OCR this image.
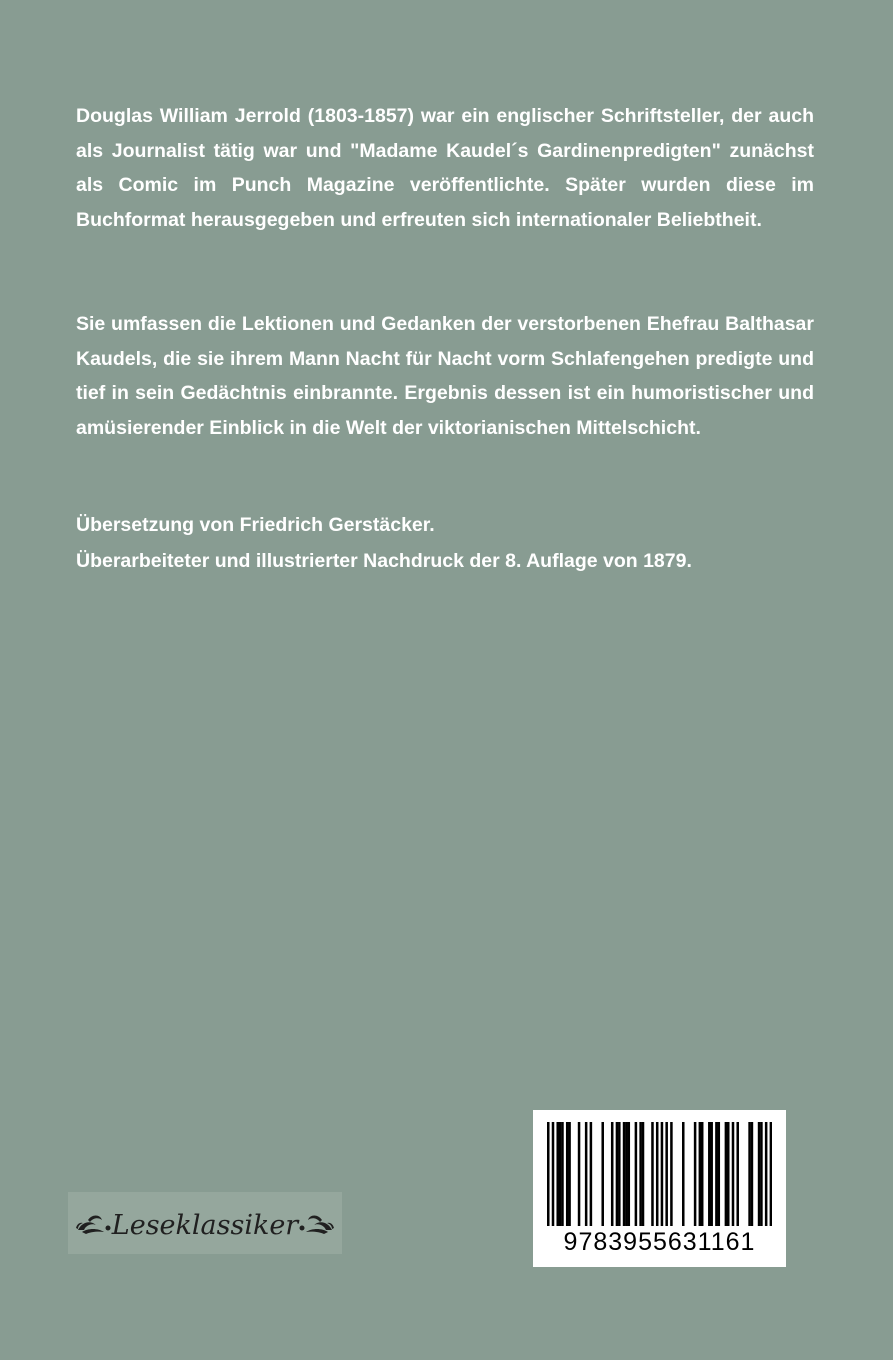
Douglas William Jerrold (1803-1857) war ein englischer Schriftsteller, der auch als Journalist tätig war und "Madame Kaudel´s Gardinenpredigten" zunächst als Comic im Punch Magazine veröffentlichte. Später wurden diese im Buchformat herausgegeben und erfreuten sich internationaler Beliebtheit.

Sie umfassen die Lektionen und Gedanken der verstorbenen Ehefrau Balthasar Kaudels, die sie ihrem Mann Nacht für Nacht vorm Schlafengehen predigte und tief in sein Gedächtnis einbrannte. Ergebnis dessen ist ein humoristischer und amüsierender Einblick in die Welt der viktorianischen Mittelschicht.

Übersetzung von Friedrich Gerstäcker.

Überarbeiteter und illustrierter Nachdruck der 8. Auflage von 1879.

Leseklassiker
9783955631161
